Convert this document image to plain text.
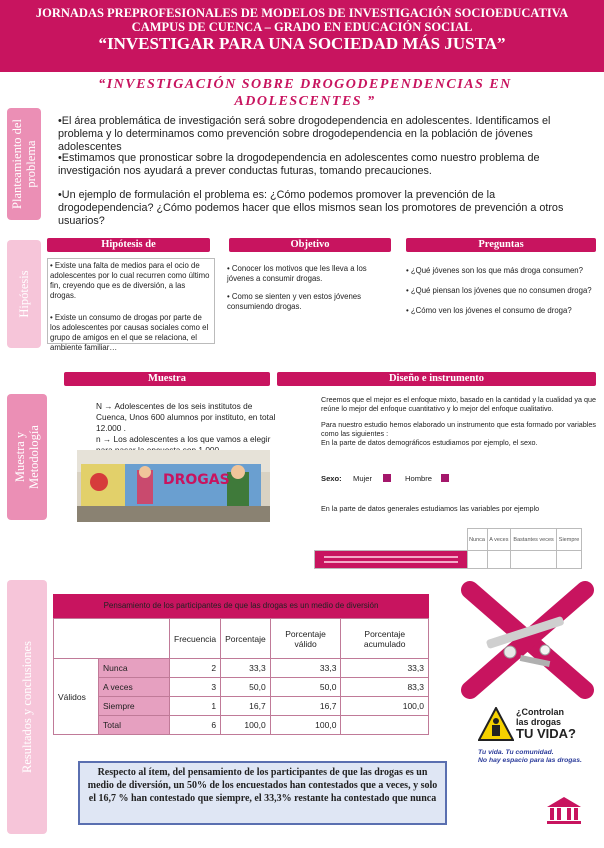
JORNADAS PREPROFESIONALES DE MODELOS DE INVESTIGACIÓN SOCIOEDUCATIVA
CAMPUS DE CUENCA – GRADO EN EDUCACIÓN SOCIAL
“INVESTIGAR PARA UNA SOCIEDAD MÁS JUSTA”
“INVESTIGACIÓN SOBRE DROGODEPENDENCIAS EN ADOLESCENTES ”
Planteamiento del problema
Hipótesis
Muestra y Metodología
Resultados y conclusiones
•El área problemática de investigación será sobre drogodependencia en adolescentes. Identificamos el problema y lo determinamos como prevención sobre drogodependencia en la población de jóvenes adolescentes
•Estimamos que pronosticar sobre la drogodependencia en adolescentes como nuestro problema de investigación nos ayudará a prever conductas futuras, tomando precauciones.
•Un ejemplo de formulación el problema es: ¿Cómo podemos promover la prevención de la drogodependencia? ¿Cómo podemos hacer que ellos mismos sean los promotores de prevención a otros usuarios?
Hipótesis de
• Existe una falta de medios para el ocio de adolescentes por lo cual recurren como último fin, creyendo que es de diversión, a las drogas.
• Existe un consumo de drogas por parte de los adolescentes por causas sociales como el grupo de amigos en el que se relaciona, el ambiente familiar…
Objetivo
• Conocer los motivos que les lleva a los jóvenes a consumir drogas.
• Como se sienten y ven estos jóvenes consumiendo drogas.
Preguntas
• ¿Qué jóvenes son los que más droga consumen?
• ¿Qué piensan los jóvenes que no consumen droga?
• ¿Cómo ven los jóvenes el consumo de droga?
Muestra
N → Adolescentes de los seis institutos de Cuenca, Unos 600 alumnos por instituto, en total 12.000 .
n → Los adolescentes a los que vamos a elegir
DROGAS
Diseño e instrumento
Creemos que el mejor es el enfoque mixto, basado en la cantidad y la cualidad ya que reúne lo mejor del enfoque cuantitativo y lo mejor del enfoque cualitativo.
Para nuestro estudio hemos elaborado un instrumento que esta formado por variables como las siguientes :
En la parte de datos demográficos estudiamos por ejemplo, el sexo.
Sexo: Mujer	Hombre
En la parte de datos generales estudiamos las variables por ejemplo
	Nunca	A veces	Bastantes veces	Siempre

Pensamiento de los participantes de que las drogas es un medio de diversión
		Frecuencia	Porcentaje	Porcentaje válido	Porcentaje acumulado
Válidos	Nunca	2	33,3	33,3	33,3
	A veces	3	50,0	50,0	83,3
	Siempre	1	16,7	16,7	100,0
	Total	6	100,0	100,0	
Respecto al ítem, del pensamiento de los participantes de que las drogas es un medio de diversión, un 50% de los encuestados han contestados que a veces, y solo el 16,7 % han contestado que siempre, el 33,3% restante ha contestado que nunca
¿Controlan
las drogas
TU VIDA?
Tu vida. Tu comunidad.
No hay espacio para las drogas.
